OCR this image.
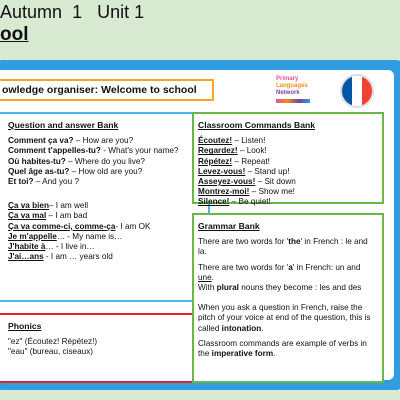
Autumn 1 Unit 1
ool
owledge organiser: Welcome to school
Primary
Languages
Network
Question and answer Bank
Comment ça va? – How are you?
Comment t'appelles-tu? - What's your name?
Où habites-tu? – Where do you live?
Quel âge as-tu? – How old are you?
Et toi? – And you ?
Ça va bien– I am well
Ça va mal – I am bad
Ça va comme-ci, comme-ça- I am OK
Je m'appelle… - My name is…
J'habite à… - I live in…
J'ai…ans - I am … years old
Phonics
"ez" (Écoutez! Répétez!)
"eau" (bureau, ciseaux)
Classroom Commands Bank
Écoutez! – Listen!
Regardez! – Look!
Répétez! – Repeat!
Levez-vous! – Stand up!
Asseyez-vous! – Sit down
Montrez-moi! – Show me!
Silence! – Be quiet!
Grammar Bank

There are two words for 'the' in French : le and la.

There are two words for 'a' in French: un and une.

With plural nouns they become : les and des

When you ask a question in French, raise the pitch of your voice at end of the question, this is called intonation.

Classroom commands are example of verbs in the imperative form.
